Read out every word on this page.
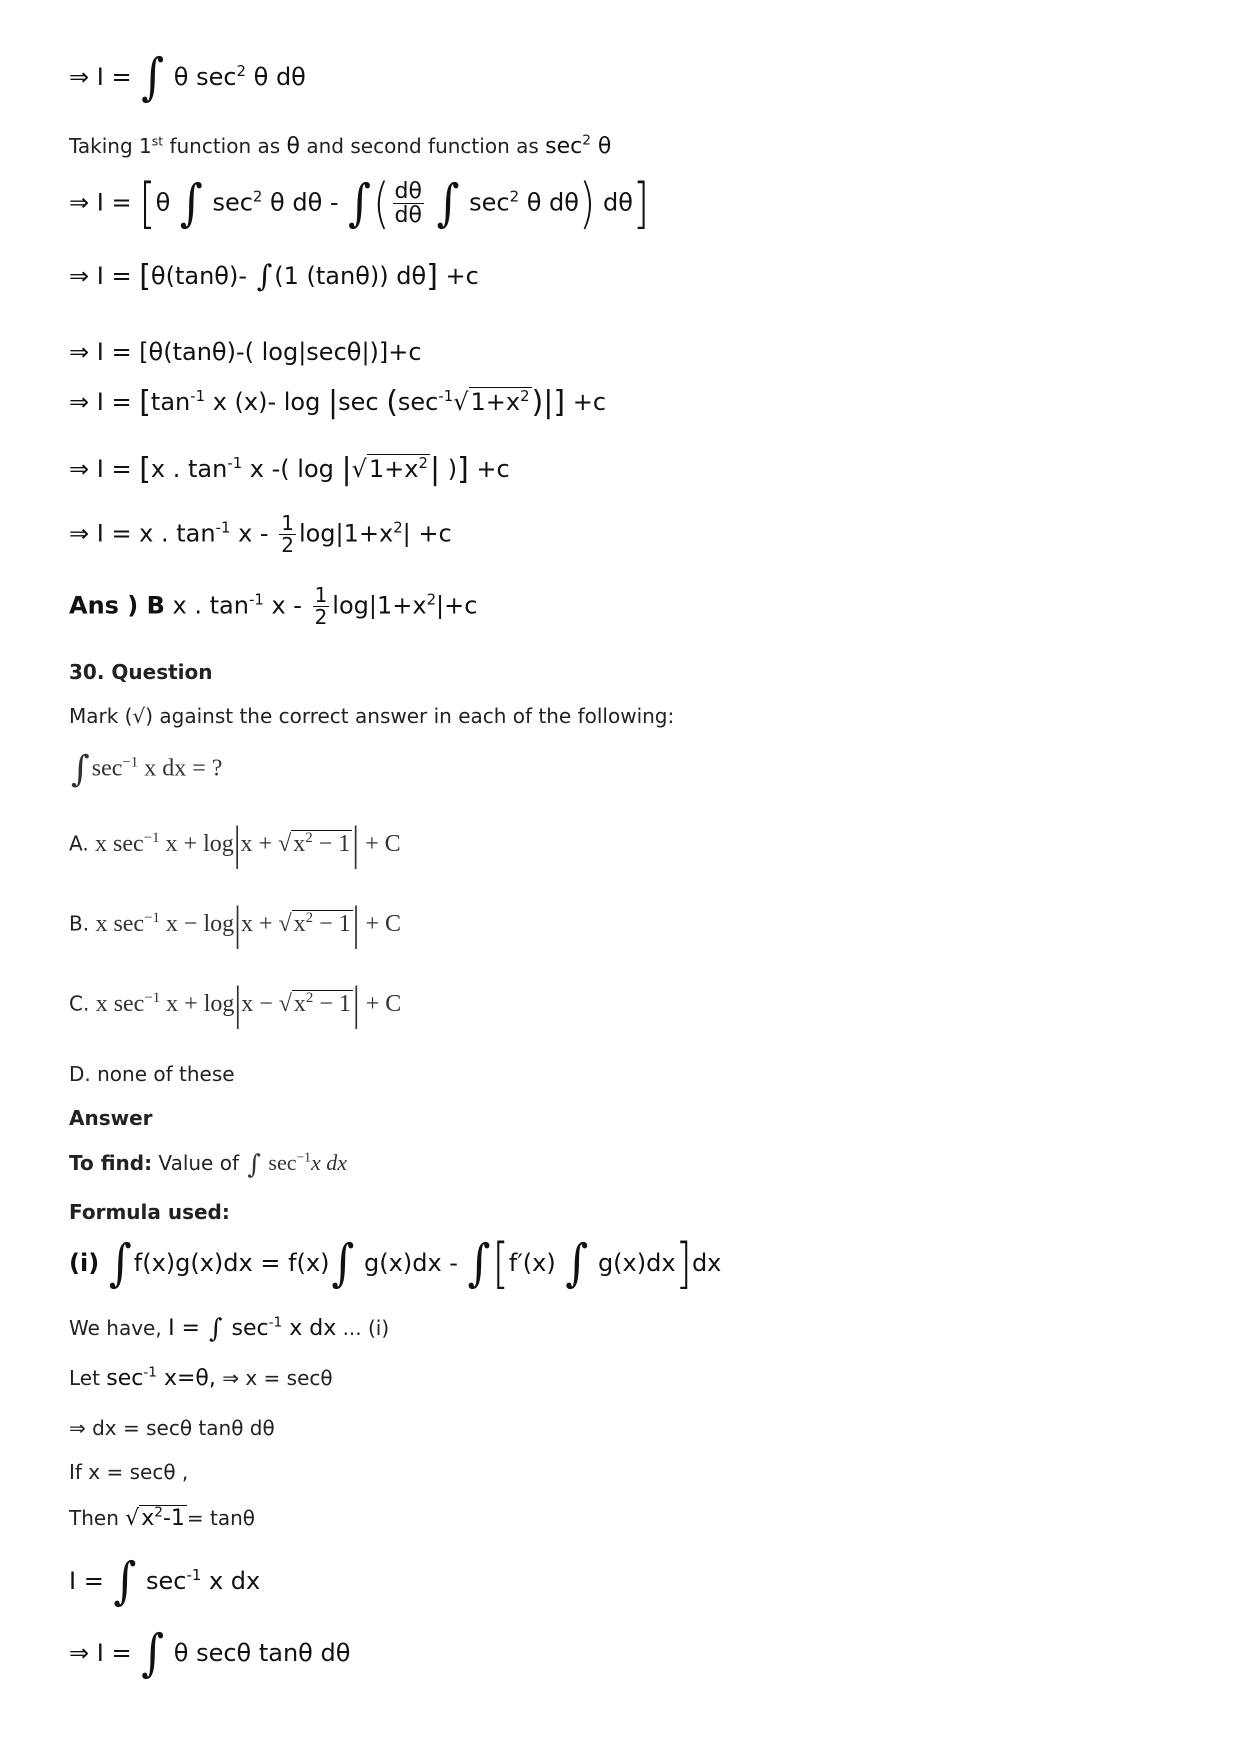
⇒ I = ∫ θ $\sec^2 \theta$ dθ
Taking 1st function as θ and second function as $\sec^2 \theta$
⇒ I = [θ ∫ $\sec^2 \theta$ dθ - ∫( $\frac{d\theta}{d\theta}$ ∫ $\sec^2 \theta$ dθ) dθ]
⇒ I = [θ(tanθ)- ∫(1 (tanθ)) dθ] +c
⇒ I = [θ(tanθ)-( log|secθ|)]+c
⇒ $I = [\tan^{-1}$ x (x)- log |sec $(\sec^{-1}√1+x^2)|] +c$
⇒ I = [x . $\tan^{-1} x$ -( $\log |√1+x^2|$ )] +c
⇒ I = x . $\tan^{-1} x - \frac{1}{2} \log|1+x^2| +c$
Ans ) B x . $\tan^{-1} x - \frac{1}{2} \log|1+x^2|+c$
30. Question
Mark (√) against the correct answer in each of the following:
$\int\sec^{-1}$ x dx = ?
A. x $\sec^{-1} x + \log|x + √x^2 - 1| + C$
B. x $\sec^{-1} x - \log|x + √x^2 - 1| + C$
C. x $\sec^{-1} x + \log|x - √x^2 - 1| + C$
D. none of these
Answer
To find: Value of ∫ $\sec^{-1}x$ dx
Formula used:
(i) ∫f(x)g(x)dx = f(x)∫ g(x)dx - ∫[f′(x) ∫ g(x)dx]dx
We have, I = ∫ $\sec^{-1} x$ dx ... (i)
Let $\sec^{-1} x=\theta$, ⇒ x = secθ
⇒ dx = secθ tanθ dθ
If x = secθ ,
Then $√x^2-1 = \tan\theta$
I = ∫ $\sec^{-1} x$ dx
⇒ I = ∫ θ secθ tanθ dθ
